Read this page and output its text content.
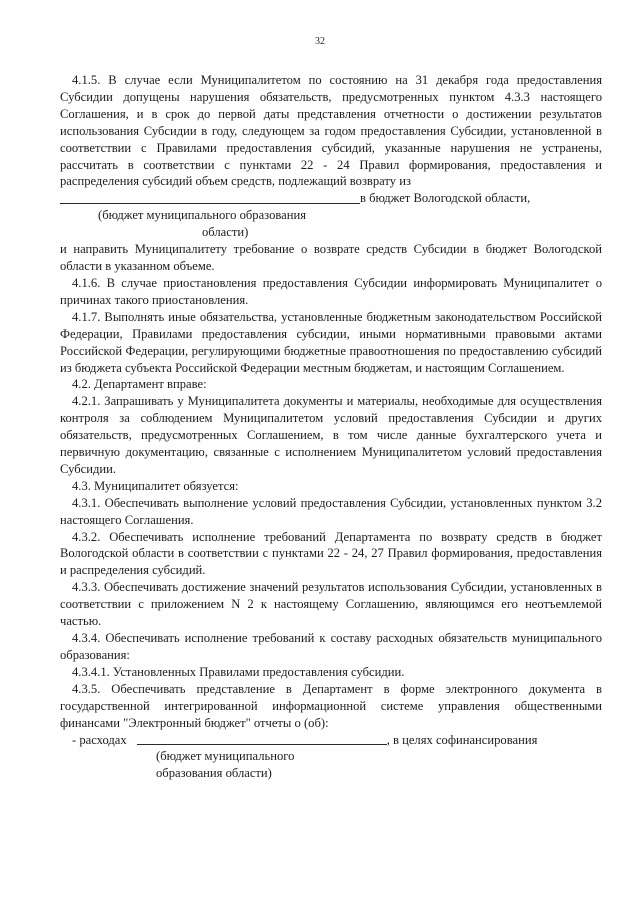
32

4.1.5. В случае если Муниципалитетом по состоянию на 31 декабря года предоставления Субсидии допущены нарушения обязательств, предусмотренных пунктом 4.3.3 настоящего Соглашения, и в срок до первой даты представления отчетности о достижении результатов использования Субсидии в году, следующем за годом предоставления Субсидии, установленной в соответствии с Правилами предоставления субсидий, указанные нарушения не устранены, рассчитать в соответствии с пунктами 22 - 24 Правил формирования, предоставления и распределения субсидий объем средств, подлежащий возврату из

в бюджет Вологодской области,

(бюджет муниципального образования

области)

и направить Муниципалитету требование о возврате средств Субсидии в бюджет Вологодской области в указанном объеме.

4.1.6. В случае приостановления предоставления Субсидии информировать Муниципалитет о причинах такого приостановления.

4.1.7. Выполнять иные обязательства, установленные бюджетным законодательством Российской Федерации, Правилами предоставления субсидии, иными нормативными правовыми актами Российской Федерации, регулирующими бюджетные правоотношения по предоставлению субсидий из бюджета субъекта Российской Федерации местным бюджетам, и настоящим Соглашением.

4.2. Департамент вправе:

4.2.1. Запрашивать у Муниципалитета документы и материалы, необходимые для осуществления контроля за соблюдением Муниципалитетом условий предоставления Субсидии и других обязательств, предусмотренных Соглашением, в том числе данные бухгалтерского учета и первичную документацию, связанные с исполнением Муниципалитетом условий предоставления Субсидии.

4.3. Муниципалитет обязуется:

4.3.1. Обеспечивать выполнение условий предоставления Субсидии, установленных пунктом 3.2 настоящего Соглашения.

4.3.2. Обеспечивать исполнение требований Департамента по возврату средств в бюджет Вологодской области в соответствии с пунктами 22 - 24, 27 Правил формирования, предоставления и распределения субсидий.

4.3.3. Обеспечивать достижение значений результатов использования Субсидии, установленных в соответствии с приложением N 2 к настоящему Соглашению, являющимся его неотъемлемой частью.

4.3.4. Обеспечивать исполнение требований к составу расходных обязательств муниципального образования:

4.3.4.1. Установленных Правилами предоставления субсидии.

4.3.5. Обеспечивать представление в Департамент в форме электронного документа в государственной интегрированной информационной системе управления общественными финансами "Электронный бюджет" отчеты о (об):

- расходах	, в целях софинансирования

(бюджет муниципального

образования области)
